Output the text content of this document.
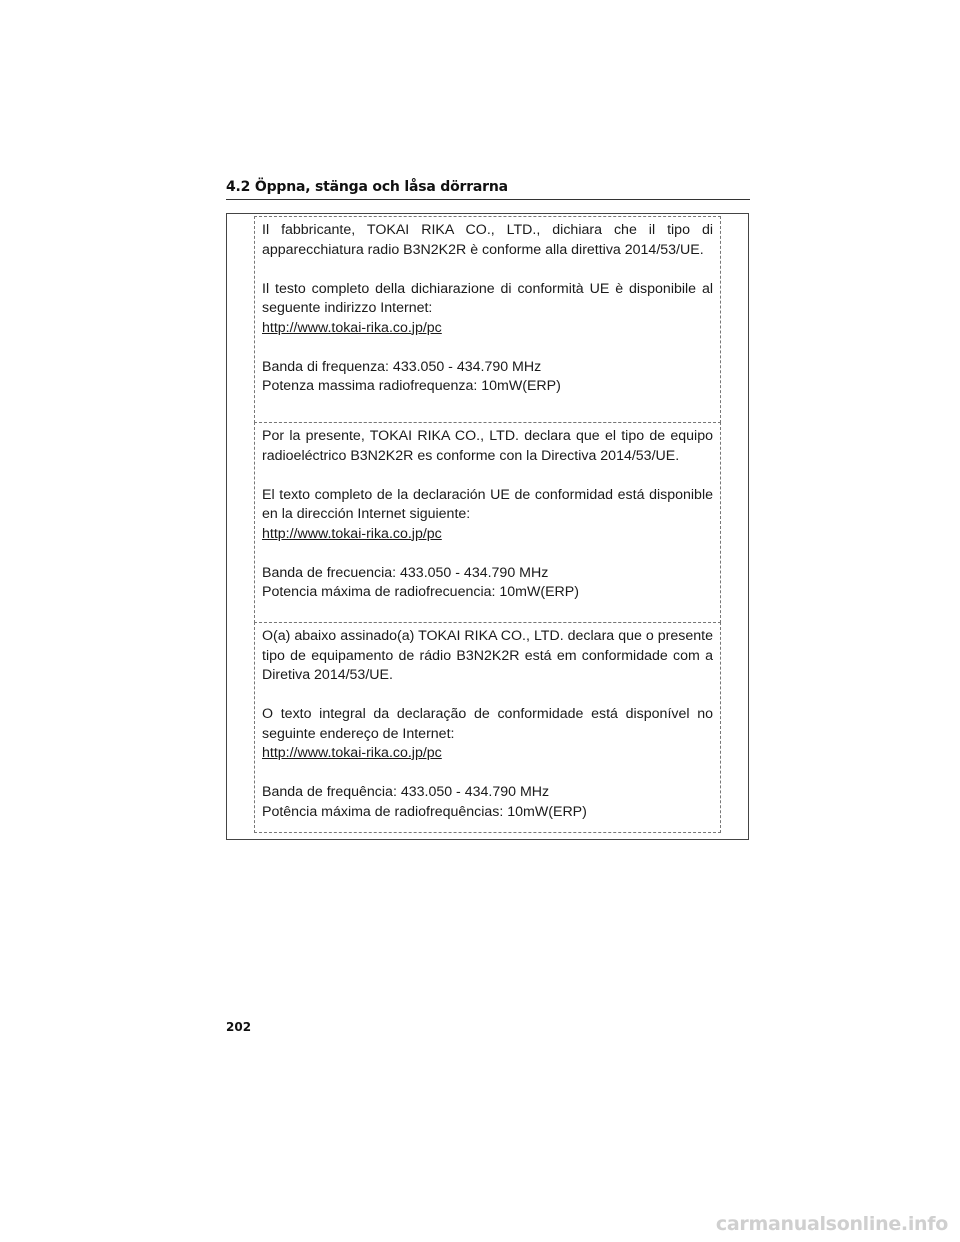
4.2 Öppna, stänga och låsa dörrarna

Il fabbricante, TOKAI RIKA CO., LTD., dichiara che il tipo di apparecchiatura radio B3N2K2R è conforme alla direttiva 2014/53/UE.

Il testo completo della dichiarazione di conformità UE è disponibile al seguente indirizzo Internet:

http://www.tokai-rika.co.jp/pc

Banda di frequenza: 433.050 - 434.790 MHz

Potenza massima radiofrequenza: 10mW(ERP)

Por la presente, TOKAI RIKA CO., LTD. declara que el tipo de equipo radioeléctrico B3N2K2R es conforme con la Directiva 2014/53/UE.

El texto completo de la declaración UE de conformidad está disponible en la dirección Internet siguiente:

http://www.tokai-rika.co.jp/pc

Banda de frecuencia: 433.050 - 434.790 MHz

Potencia máxima de radiofrecuencia: 10mW(ERP)

O(a) abaixo assinado(a) TOKAI RIKA CO., LTD. declara que o presente tipo de equipamento de rádio B3N2K2R está em conformidade com a Diretiva 2014/53/UE.

O texto integral da declaração de conformidade está disponível no seguinte endereço de Internet:

http://www.tokai-rika.co.jp/pc

Banda de frequência: 433.050 - 434.790 MHz

Potência máxima de radiofrequências: 10mW(ERP)

202
carmanualsonline.info
